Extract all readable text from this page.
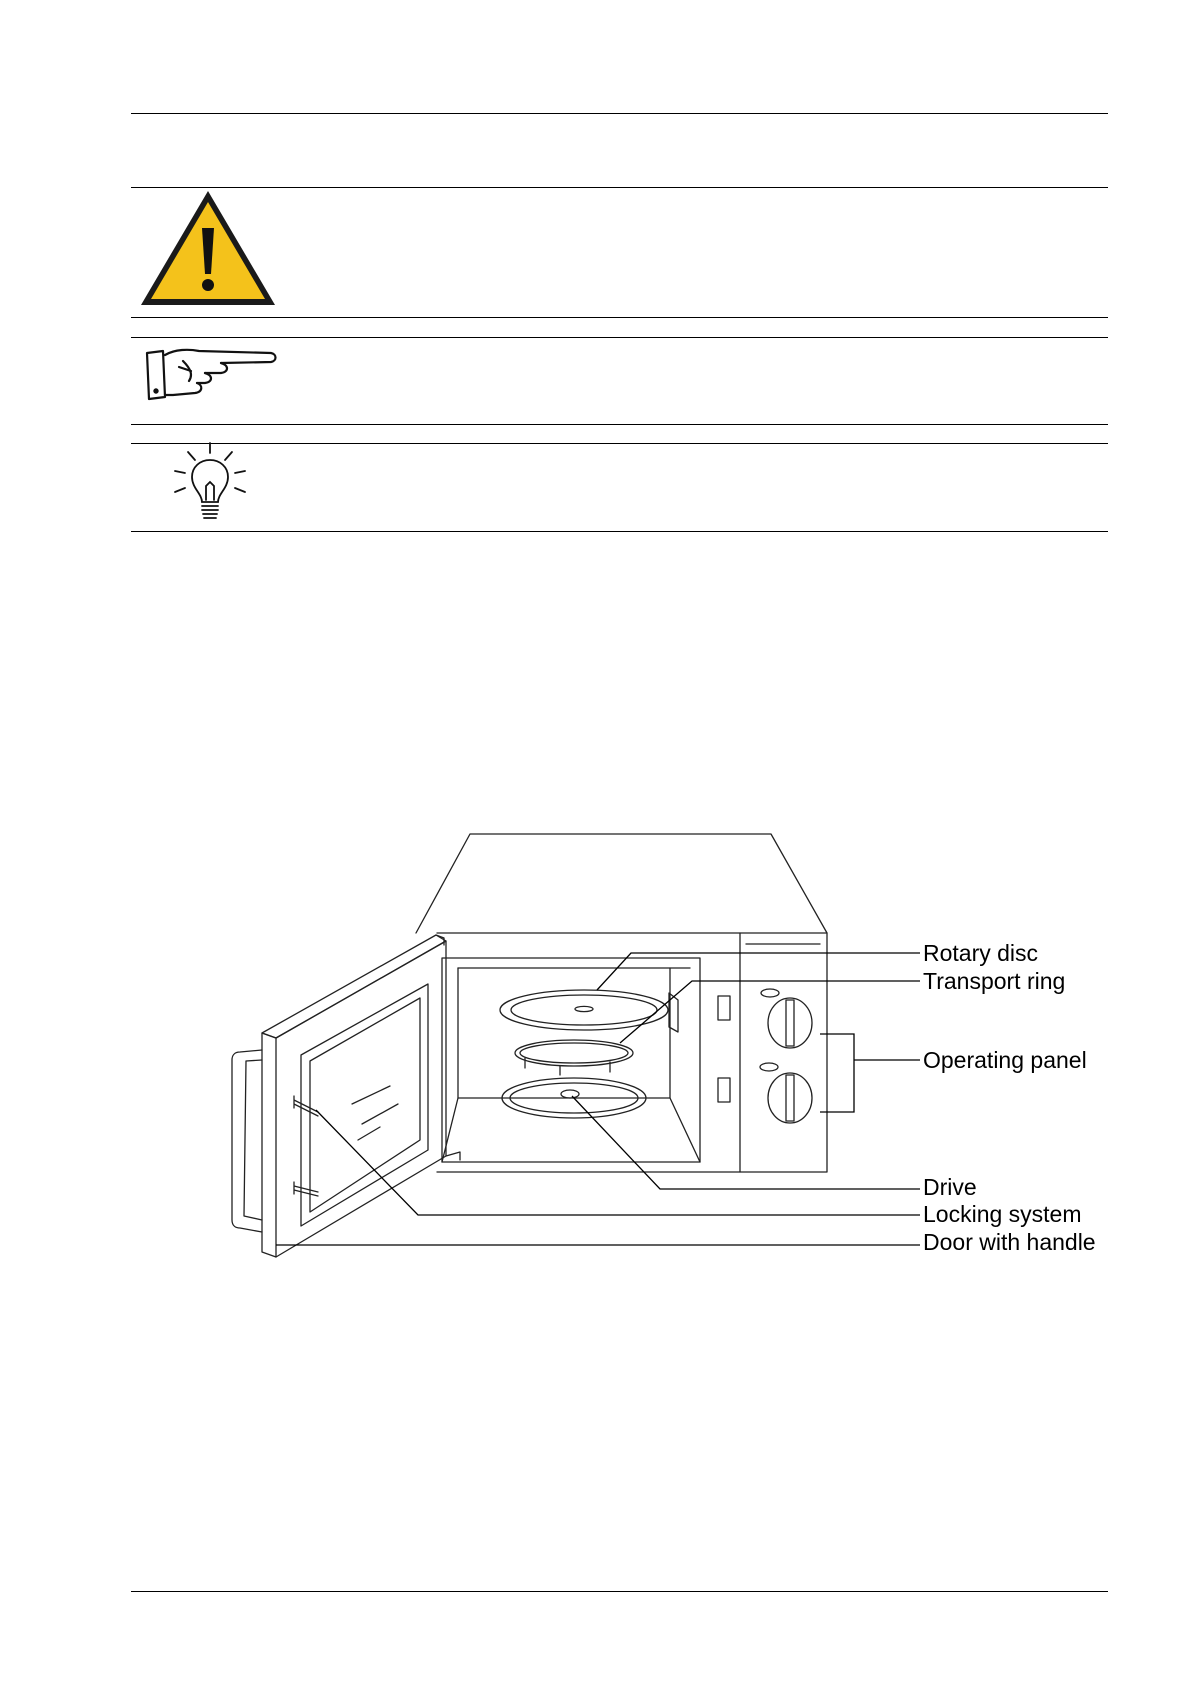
Rotary disc
Transport ring
Operating panel
Drive
Locking system
Door with handle
